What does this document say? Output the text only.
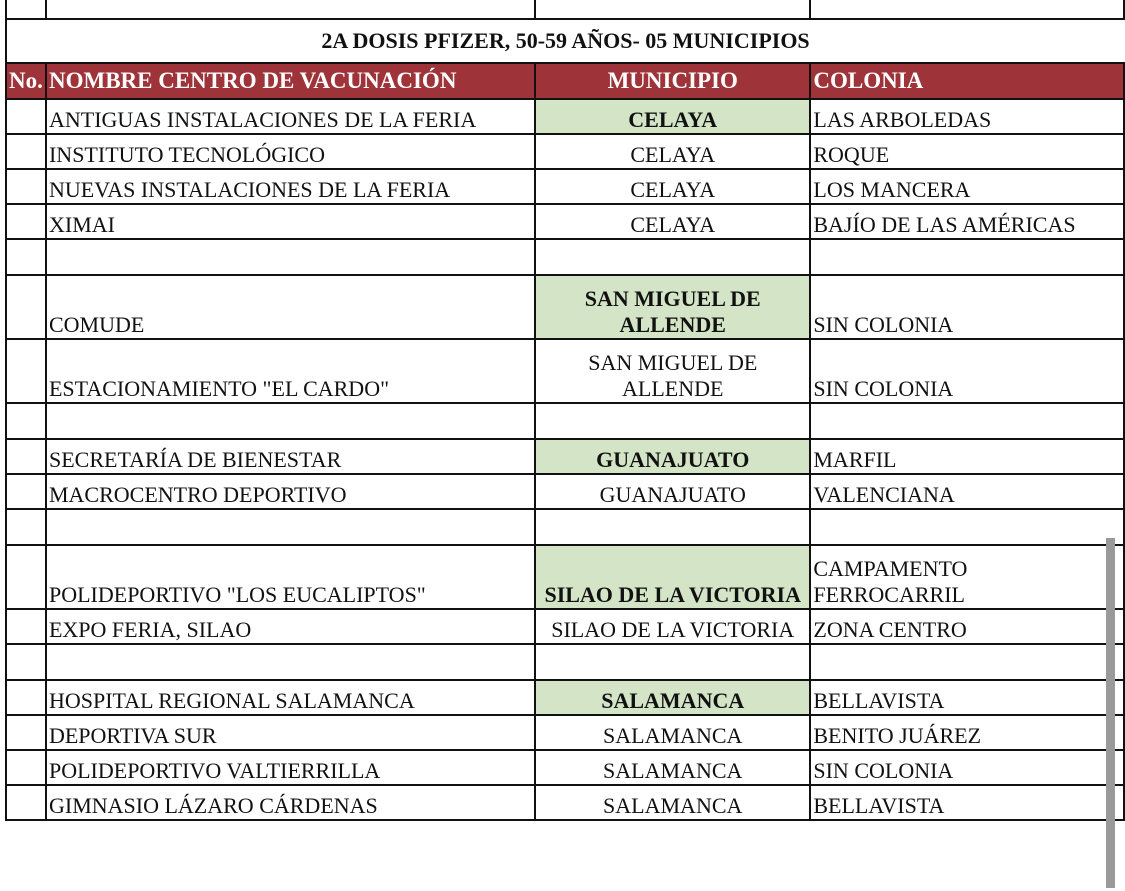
2A DOSIS PFIZER, 50-59 AÑOS- 05 MUNICIPIOS			
No.	NOMBRE CENTRO DE VACUNACIÓN	MUNICIPIO	COLONIA
	ANTIGUAS INSTALACIONES DE LA FERIA	CELAYA	LAS ARBOLEDAS
	INSTITUTO TECNOLÓGICO	CELAYA	ROQUE
	NUEVAS INSTALACIONES DE LA FERIA	CELAYA	LOS MANCERA
	XIMAI	CELAYA	BAJÍO DE LAS AMÉRICAS

	COMUDE	SAN MIGUEL DE ALLENDE	SIN COLONIA
	ESTACIONAMIENTO "EL CARDO"	SAN MIGUEL DE ALLENDE	SIN COLONIA

	SECRETARÍA DE BIENESTAR	GUANAJUATO	MARFIL
	MACROCENTRO DEPORTIVO	GUANAJUATO	VALENCIANA

	POLIDEPORTIVO "LOS EUCALIPTOS"	SILAO DE LA VICTORIA	CAMPAMENTO FERROCARRIL
	EXPO FERIA, SILAO	SILAO DE LA VICTORIA	ZONA CENTRO

	HOSPITAL REGIONAL SALAMANCA	SALAMANCA	BELLAVISTA
	DEPORTIVA SUR	SALAMANCA	BENITO JUÁREZ
	POLIDEPORTIVO VALTIERRILLA	SALAMANCA	SIN COLONIA
	GIMNASIO LÁZARO CÁRDENAS	SALAMANCA	BELLAVISTA
